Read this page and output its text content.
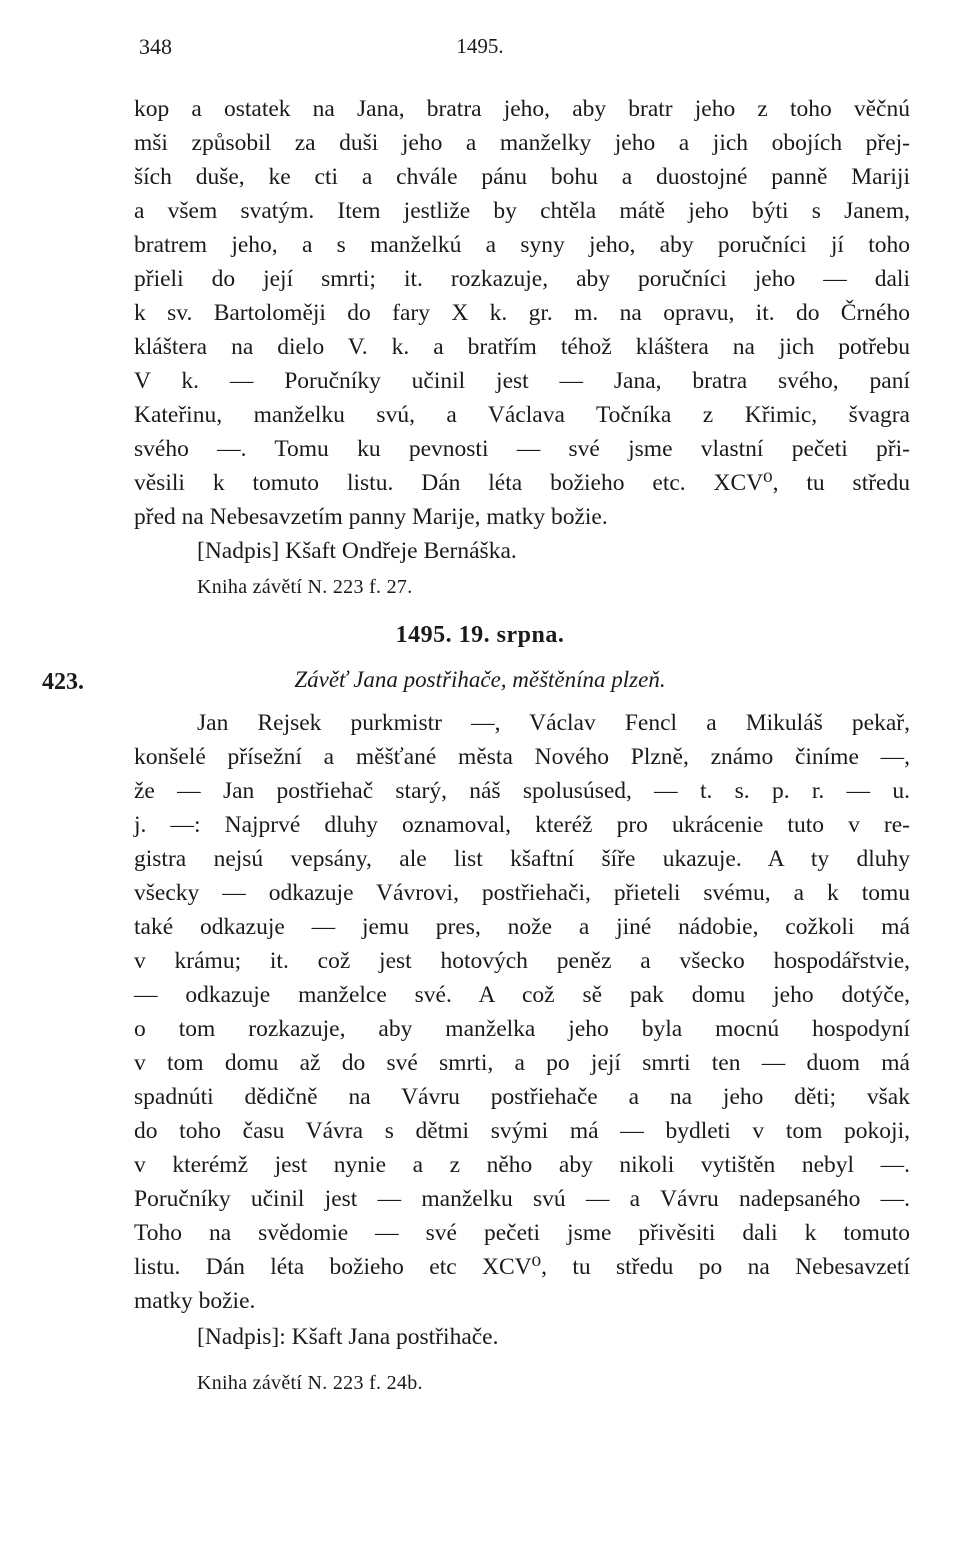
348	1495.
kop a ostatek na Jana, bratra jeho, aby bratr jeho z toho věčnú
mši způsobil za duši jeho a manželky jeho a jich obojích přej-
ších duše, ke cti a chvále pánu bohu a duostojné panně Mariji
a všem svatým. Item jestliže by chtěla mátě jeho býti s Janem,
bratrem jeho, a s manželkú a syny jeho, aby poručníci jí toho
přieli do její smrti; it. rozkazuje, aby poručníci jeho — dali
k sv. Bartoloměji do fary X k. gr. m. na opravu, it. do Črného
kláštera na dielo V. k. a bratřím téhož kláštera na jich potřebu
V k. — Poručníky učinil jest — Jana, bratra svého, paní
Kateřinu, manželku svú, a Václava Točníka z Křimic, švagra
svého —. Tomu ku pevnosti — své jsme vlastní pečeti při-
věsili k tomuto listu. Dán léta božieho etc. XCV⁰, tu středu
před na Nebesavzetím panny Marije, matky božie.
[Nadpis] Kšaft Ondřeje Bernáška.
Kniha závětí N. 223 f. 27.
1495. 19. srpna.
423.	Závěť Jana postřihače, měštěnína plzeň.
Jan Rejsek purkmistr —, Václav Fencl a Mikuláš pekař,
konšelé přísežní a měšťané města Nového Plzně, známo činíme —,
že — Jan postřiehač starý, náš spolusúsed, — t. s. p. r. — u.
j. —: Najprvé dluhy oznamoval, kteréž pro ukrácenie tuto v re-
gistra nejsú vepsány, ale list kšaftní šíře ukazuje. A ty dluhy
všecky — odkazuje Vávrovi, postřiehači, přieteli svému, a k tomu
také odkazuje — jemu pres, nože a jiné nádobie, cožkoli má
v krámu; it. což jest hotových peněz a všecko hospodářstvie,
— odkazuje manželce své. A což sě pak domu jeho dotýče,
o tom rozkazuje, aby manželka jeho byla mocnú hospodyní
v tom domu až do své smrti, a po její smrti ten — duom má
spadnúti dědičně na Vávru postřiehače a na jeho děti; však
do toho času Vávra s dětmi svými má — bydleti v tom pokoji,
v kterémž jest nynie a z něho aby nikoli vytištěn nebyl —.
Poručníky učinil jest — manželku svú — a Vávru nadepsaného —.
Toho na svědomie — své pečeti jsme přivěsiti dali k tomuto
listu. Dán léta božieho etc XCV⁰, tu středu po na Nebesavzetí
matky božie.
[Nadpis]: Kšaft Jana postřihače.
Kniha závětí N. 223 f. 24b.
